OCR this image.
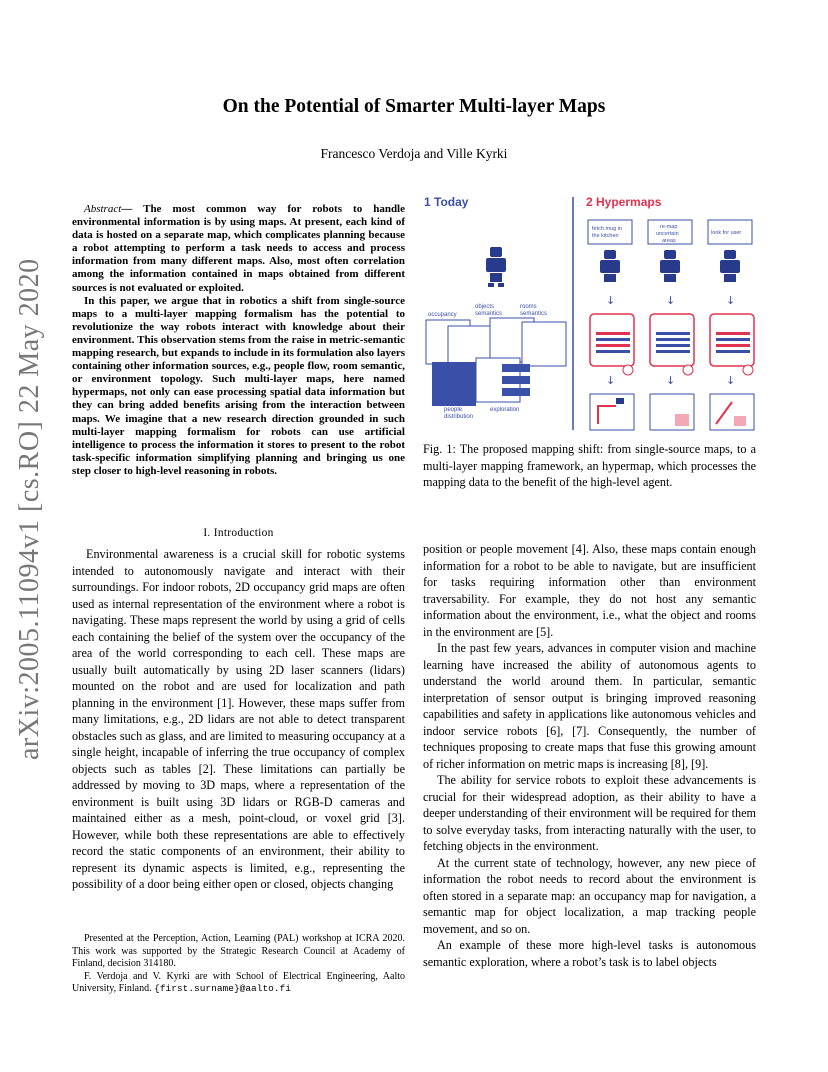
arXiv:2005.11094v1 [cs.RO] 22 May 2020
On the Potential of Smarter Multi-layer Maps
Francesco Verdoja and Ville Kyrki

Abstract— The most common way for robots to handle environmental information is by using maps. At present, each kind of data is hosted on a separate map, which complicates planning because a robot attempting to perform a task needs to access and process information from many different maps. Also, most often correlation among the information contained in maps obtained from different sources is not evaluated or exploited.

In this paper, we argue that in robotics a shift from single-source maps to a multi-layer mapping formalism has the potential to revolutionize the way robots interact with knowledge about their environment. This observation stems from the raise in metric-semantic mapping research, but expands to include in its formulation also layers containing other information sources, e.g., people flow, room semantic, or environment topology. Such multi-layer maps, here named hypermaps, not only can ease processing spatial data information but they can bring added benefits arising from the interaction between maps. We imagine that a new research direction grounded in such multi-layer mapping formalism for robots can use artificial intelligence to process the information it stores to present to the robot task-specific information simplifying planning and bringing us one step closer to high-level reasoning in robots.

I. Introduction

Environmental awareness is a crucial skill for robotic systems intended to autonomously navigate and interact with their surroundings. For indoor robots, 2D occupancy grid maps are often used as internal representation of the environment where a robot is navigating. These maps represent the world by using a grid of cells each containing the belief of the system over the occupancy of the area of the world corresponding to each cell. These maps are usually built automatically by using 2D laser scanners (lidars) mounted on the robot and are used for localization and path planning in the environment [1]. However, these maps suffer from many limitations, e.g., 2D lidars are not able to detect transparent obstacles such as glass, and are limited to measuring occupancy at a single height, incapable of inferring the true occupancy of complex objects such as tables [2]. These limitations can partially be addressed by moving to 3D maps, where a representation of the environment is built using 3D lidars or RGB-D cameras and maintained either as a mesh, point-cloud, or voxel grid [3]. However, while both these representations are able to effectively record the static components of an environment, their ability to represent its dynamic aspects is limited, e.g., representing the possibility of a door being either open or closed, objects changing

Presented at the Perception, Action, Learning (PAL) workshop at ICRA 2020. This work was supported by the Strategic Research Council at Academy of Finland, decision 314180.

F. Verdoja and V. Kyrki are with School of Electrical Engineering, Aalto University, Finland. {first.surname}@aalto.fi

1 Today	2 Hypermaps
occupancy
objects
semantics
rooms
semantics
people
distribution
exploration
fetch mug in
the kitchen
re-map
uncertain
areas
look for user
↓	↓	↓
↓	↓	↓
Fig. 1: The proposed mapping shift: from single-source maps, to a multi-layer mapping framework, an hypermap, which processes the mapping data to the benefit of the high-level agent.

position or people movement [4]. Also, these maps contain enough information for a robot to be able to navigate, but are insufficient for tasks requiring information other than environment traversability. For example, they do not host any semantic information about the environment, i.e., what the object and rooms in the environment are [5].

In the past few years, advances in computer vision and machine learning have increased the ability of autonomous agents to understand the world around them. In particular, semantic interpretation of sensor output is bringing improved reasoning capabilities and safety in applications like autonomous vehicles and indoor service robots [6], [7]. Consequently, the number of techniques proposing to create maps that fuse this growing amount of richer information on metric maps is increasing [8], [9].

The ability for service robots to exploit these advancements is crucial for their widespread adoption, as their ability to have a deeper understanding of their environment will be required for them to solve everyday tasks, from interacting naturally with the user, to fetching objects in the environment.

At the current state of technology, however, any new piece of information the robot needs to record about the environment is often stored in a separate map: an occupancy map for navigation, a semantic map for object localization, a map tracking people movement, and so on.

An example of these more high-level tasks is autonomous semantic exploration, where a robot’s task is to label objects
